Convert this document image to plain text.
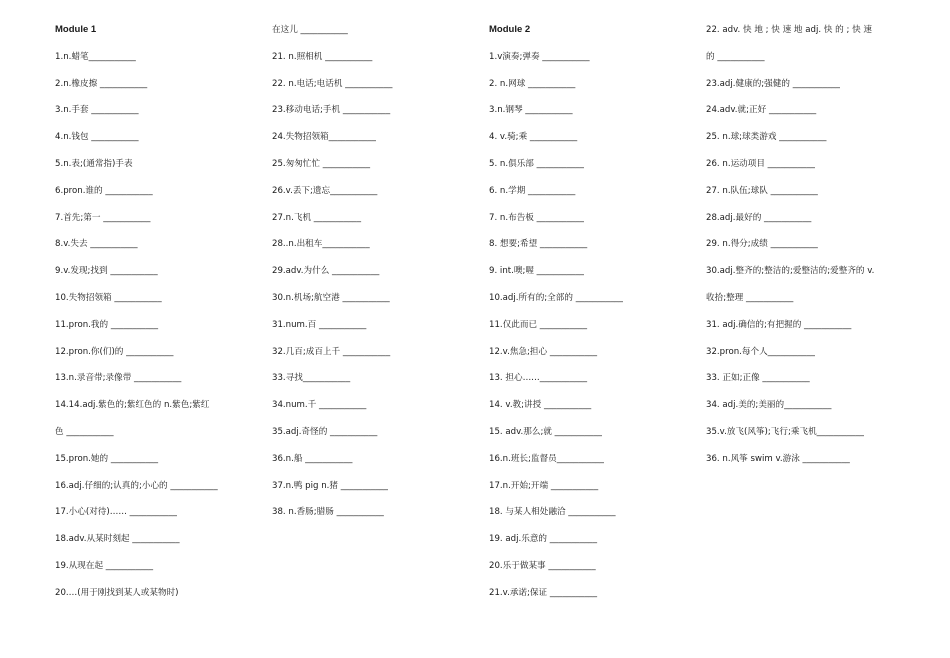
Module 1
1.n.蜡笔___________
2.n.橡皮擦 ___________
3.n.手套 ___________
4.n.钱包 ___________
5.n.表;(通常指)手表
6.pron.谁的 ___________
7.首先;第一 ___________
8.v.失去 ___________
9.v.发现;找到 ___________
10.失物招领箱 ___________
11.pron.我的 ___________
12.pron.你(们)的 ___________
13.n.录音带;录像带 ___________
14.14.adj.紫色的;紫红色的 n.紫色;紫红
色 ___________
15.pron.她的 ___________
16.adj.仔细的;认真的;小心的 ___________
17.小心(对待)…… ___________
18.adv.从某时刻起 ___________
19.从现在起 ___________
20.…(用于刚找到某人或某物时)
在这儿 ___________
21. n.照相机 ___________
22. n.电话;电话机 ___________
23.移动电话;手机 ___________
24.失物招领箱___________
25.匆匆忙忙 ___________
26.v.丢下;遗忘___________
27.n.飞机 ___________
28..n.出租车___________
29.adv.为什么 ___________
30.n.机场;航空港 ___________
31.num.百 ___________
32.几百;成百上千 ___________
33.寻找___________
34.num.千 ___________
35.adj.奇怪的 ___________
36.n.船 ___________
37.n.鸭 pig n.猪 ___________
38. n.香肠;腊肠 ___________
Module 2
1.v演奏;弹奏 ___________
2. n.网球 ___________
3.n.钢琴 ___________
4. v.骑;乘 ___________
5. n.俱乐部 ___________
6. n.学期 ___________
7. n.布告板 ___________
8. 想要;希望 ___________
9. int.噢;喔 ___________
10.adj.所有的;全部的 ___________
11.仅此而已 ___________
12.v.焦急;担心 ___________
13. 担心……___________
14. v.教;讲授 ___________
15. adv.那么;就 ___________
16.n.班长;监督员___________
17.n.开始;开端 ___________
18. 与某人相处融洽 ___________
19. adj.乐意的 ___________
20.乐于做某事 ___________
21.v.承诺;保证 ___________
22. adv. 快 地 ; 快 速 地 adj. 快 的 ; 快 速
的 ___________
23.adj.健康的;强健的 ___________
24.adv.就;正好 ___________
25. n.球;球类游戏 ___________
26. n.运动项目 ___________
27. n.队伍;球队 ___________
28.adj.最好的 ___________
29. n.得分;成绩 ___________
30.adj.整齐的;整洁的;爱整洁的;爱整齐的 v.
收拾;整理 ___________
31. adj.确信的;有把握的 ___________
32.pron.每个人___________
33. 正如;正像 ___________
34. adj.美的;美丽的___________
35.v.放飞(风筝);飞行;乘飞机___________
36. n.风筝 swim v.游泳 ___________
